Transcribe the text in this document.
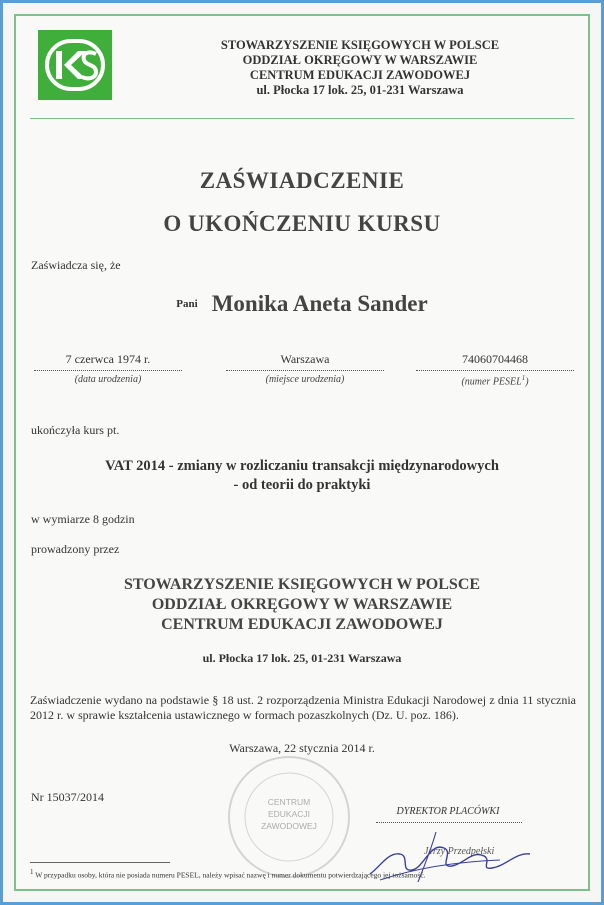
STOWARZYSZENIE KSIĘGOWYCH W POLSCE
ODDZIAŁ OKRĘGOWY W WARSZAWIE
CENTRUM EDUKACJI ZAWODOWEJ
ul. Płocka 17 lok. 25, 01-231 Warszawa
ZAŚWIADCZENIE
O UKOŃCZENIU KURSU
Zaświadcza się, że
Pani Monika Aneta Sander
7 czerwca 1974 r.
(data urodzenia)
Warszawa
(miejsce urodzenia)
74060704468
(numer PESEL$^1$)
ukończyła kurs pt.
VAT 2014 - zmiany w rozliczaniu transakcji międzynarodowych
- od teorii do praktyki
w wymiarze 8 godzin
prowadzony przez
STOWARZYSZENIE KSIĘGOWYCH W POLSCE
ODDZIAŁ OKRĘGOWY W WARSZAWIE
CENTRUM EDUKACJI ZAWODOWEJ
ul. Płocka 17 lok. 25, 01-231 Warszawa
Zaświadczenie wydano na podstawie § 18 ust. 2 rozporządzenia Ministra Edukacji Narodowej z dnia 11 stycznia 2012 r. w sprawie kształcenia ustawicznego w formach pozaszkolnych (Dz. U. poz. 186).
Warszawa, 22 stycznia 2014 r.
Nr 15037/2014	CENTRUM EDUKACJI ZAWODOWEJ
DYREKTOR PLACÓWKI
Jerzy Przedpełski
$^1$ W przypadku osoby, która nie posiada numeru PESEL, należy wpisać nazwę i numer dokumentu potwierdzającego jej tożsamość.
